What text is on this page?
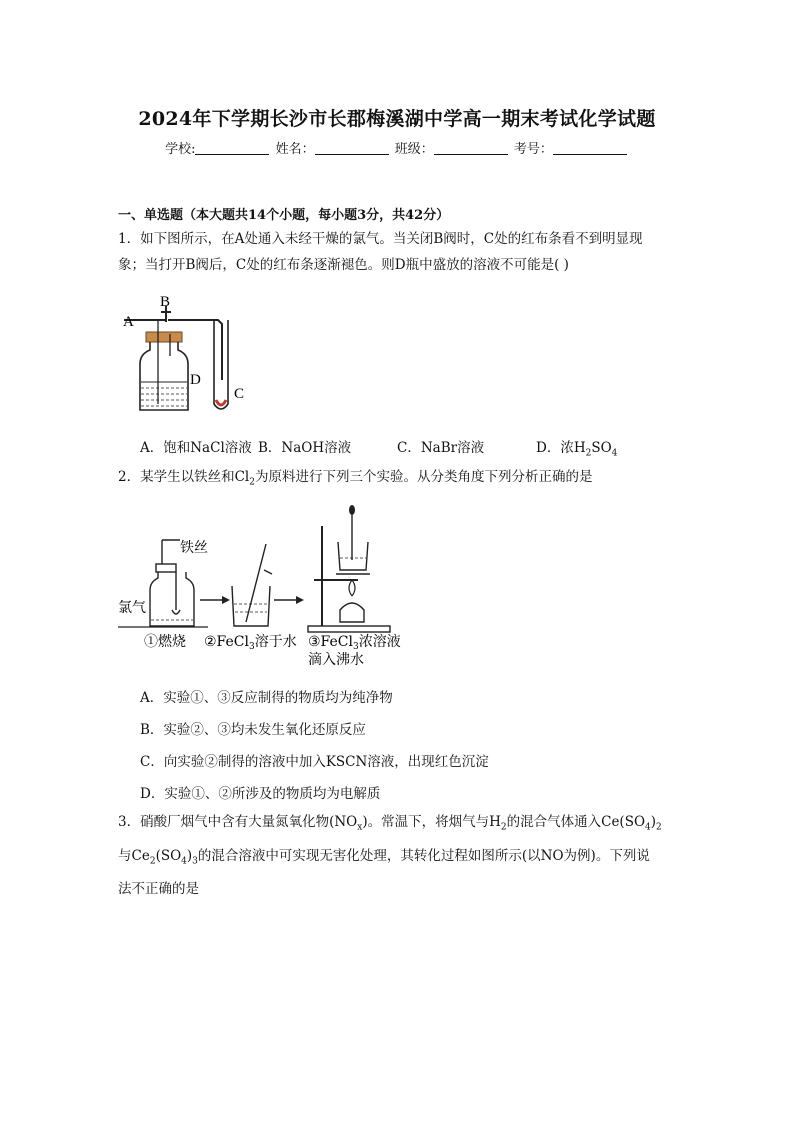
2024年下学期长沙市长郡梅溪湖中学高一期末考试化学试题
学校:	姓名：	班级：	考号：
一、单选题（本大题共14个小题，每小题3分，共42分）
1．如下图所示，在A处通入未经干燥的氯气。当关闭B阀时，C处的红布条看不到明显现
象；当打开B阀后，C处的红布条逐渐褪色。则D瓶中盛放的溶液不可能是( )
A
B
D
C
A．饱和NaCl溶液 B．NaOH溶液	C．NaBr溶液	D．浓$H_2SO_4$
2．某学生以铁丝和$Cl_2$为原料进行下列三个实验。从分类角度下列分析正确的是
铁丝
氯气
①燃烧 ②FeCl$_3$溶于水 ③FeCl$_3$浓溶液
滴入沸水
A．实验①、③反应制得的物质均为纯净物
B．实验②、③均未发生氧化还原反应
C．向实验②制得的溶液中加入KSCN溶液，出现红色沉淀
D．实验①、②所涉及的物质均为电解质
3．硝酸厂烟气中含有大量氮氧化物$(NO_x)$。常温下，将烟气与$H_2$的混合气体通入$Ce(SO_4)_2$
与$Ce_2(SO_4)_3$的混合溶液中可实现无害化处理，其转化过程如图所示(以NO为例)。下列说
法不正确的是
